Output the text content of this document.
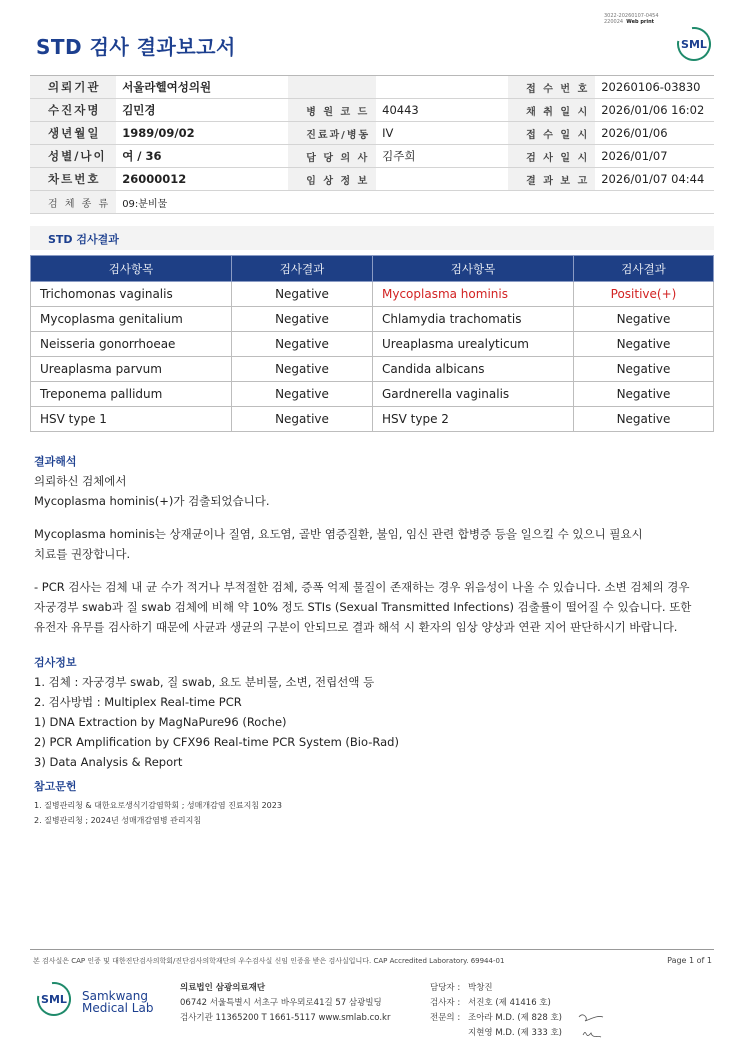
STD 검사 결과보고서
3022-20260107-0454
220024 Web print
SML
의뢰기관	서울라헬여성의원			접 수 번 호	20260106-03830
수진자명	김민경	병 원 코 드	40443	채 취 일 시	2026/01/06 16:02
생년월일	1989/09/02	진료과/병동	IV	접 수 일 시	2026/01/06
성별/나이	여 / 36	담 당 의 사	김주희	검 사 일 시	2026/01/07
차트번호	26000012	임 상 정 보		결 과 보 고	2026/01/07 04:44
검 체 종 류	09:분비물				
STD 검사결과
검사항목	검사결과	검사항목	검사결과
Trichomonas vaginalis	Negative	Mycoplasma hominis	Positive(+)
Mycoplasma genitalium	Negative	Chlamydia trachomatis	Negative
Neisseria gonorrhoeae	Negative	Ureaplasma urealyticum	Negative
Ureaplasma parvum	Negative	Candida albicans	Negative
Treponema pallidum	Negative	Gardnerella vaginalis	Negative
HSV type 1	Negative	HSV type 2	Negative
결과해석
의뢰하신 검체에서
Mycoplasma hominis(+)가 검출되었습니다.
Mycoplasma hominis는 상재균이나 질염, 요도염, 골반 염증질환, 불임, 임신 관련 합병증 등을 일으킬 수 있으니 필요시
치료를 권장합니다.
- PCR 검사는 검체 내 균 수가 적거나 부적절한 검체, 증폭 억제 물질이 존재하는 경우 위음성이 나올 수 있습니다. 소변 검체의 경우
자궁경부 swab과 질 swab 검체에 비해 약 10% 정도 STIs (Sexual Transmitted Infections) 검출률이 떨어질 수 있습니다. 또한
유전자 유무를 검사하기 때문에 사균과 생균의 구분이 안되므로 결과 해석 시 환자의 임상 양상과 연관 지어 판단하시기 바랍니다.
검사정보
1. 검체 : 자궁경부 swab, 질 swab, 요도 분비물, 소변, 전립선액 등
2. 검사방법 : Multiplex Real-time PCR
1) DNA Extraction by MagNaPure96 (Roche)
2) PCR Amplification by CFX96 Real-time PCR System (Bio-Rad)
3) Data Analysis & Report
참고문헌
1. 질병관리청 & 대한요로생식기감염학회 ; 성매개감염 진료지침 2023
2. 질병관리청 ; 2024년 성매개감염병 관리지침
본 검사실은 CAP 인증 및 대한진단검사의학회/진단검사의학재단의 우수검사실 신임 인증을 받은 검사실입니다. CAP Accredited Laboratory. 69944-01	Page 1 of 1
SML Samkwang
Medical Lab
의료법인 삼광의료재단
06742 서울특별시 서초구 바우뫼로41길 57 삼광빌딩
검사기관 11365200 T 1661-5117 www.smlab.co.kr
담당자 : 박창진
검사자 : 서진호 (제 41416 호)
전문의 : 조아라 M.D. (제 828 호)
지현영 M.D. (제 333 호)
